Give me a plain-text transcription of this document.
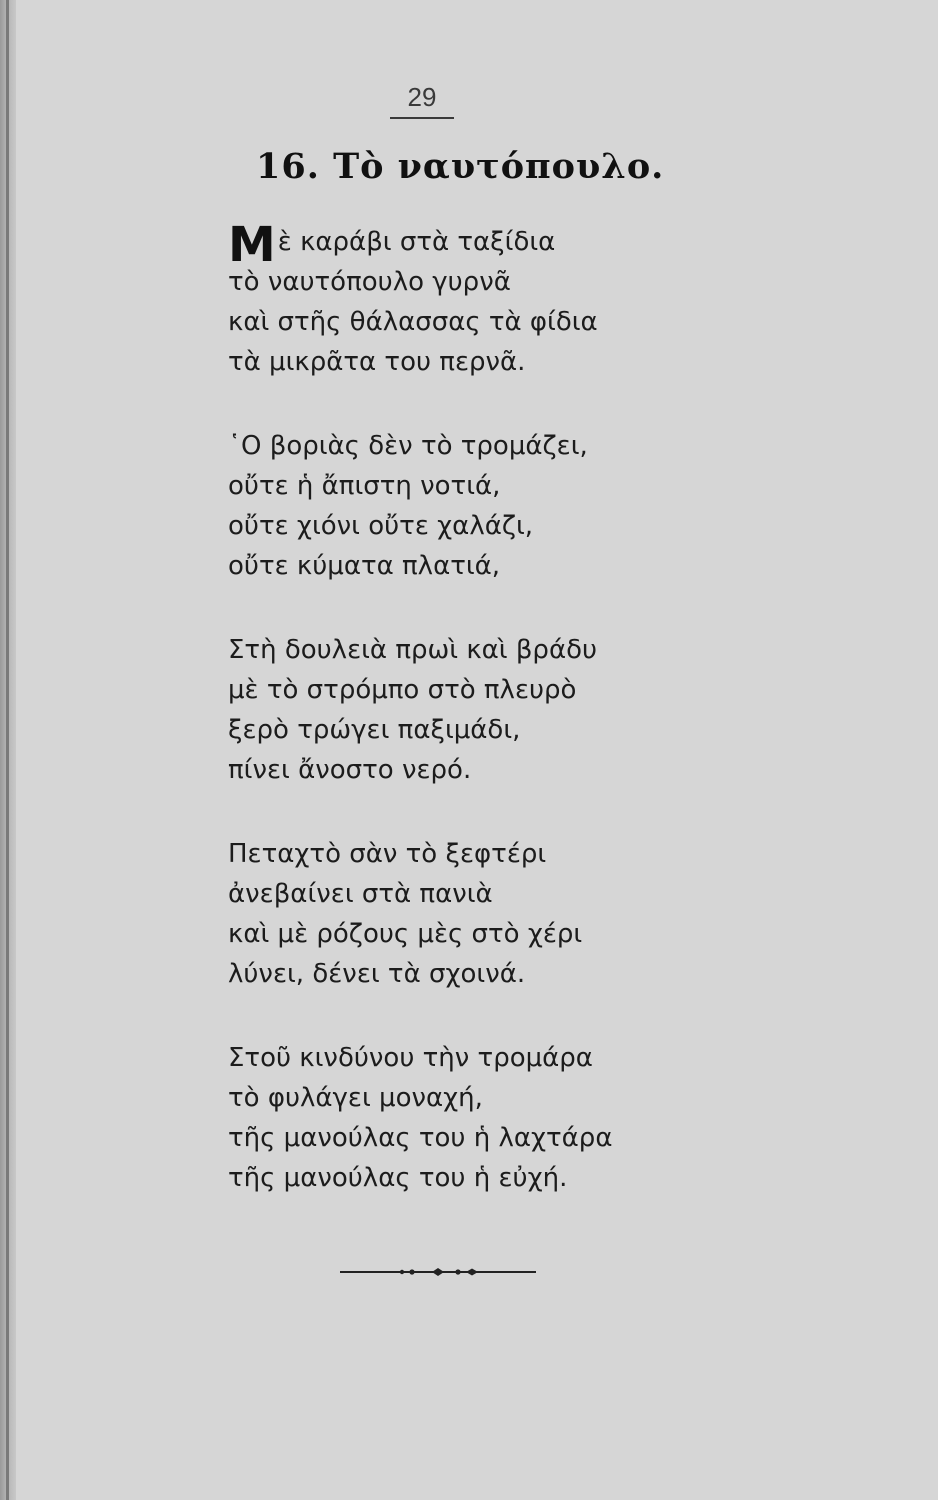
29
16. Τὸ ναυτόπουλο.
Μὲ καράβι στὰ ταξίδια
τὸ ναυτόπουλο γυρνᾶ
καὶ στῆς θάλασσας τὰ φίδια
τὰ μικρᾶτα του περνᾶ.
῾Ο βοριὰς δὲν τὸ τρομάζει,
οὔτε ἡ ἄπιστη νοτιά,
οὔτε χιόνι οὔτε χαλάζι,
οὔτε κύματα πλατιά,
Στὴ δουλειὰ πρωὶ καὶ βράδυ
μὲ τὸ στρόμπο στὸ πλευρὸ
ξερὸ τρώγει παξιμάδι,
πίνει ἄνοστο νερό.
Πεταχτὸ σὰν τὸ ξεφτέρι
ἀνεβαίνει στὰ πανιὰ
καὶ μὲ ρόζους μὲς στὸ χέρι
λύνει, δένει τὰ σχοινά.
Στοῦ κινδύνου τὴν τρομάρα
τὸ φυλάγει μοναχή,
τῆς μανούλας του ἡ λαχτάρα
τῆς μανούλας του ἡ εὐχή.
